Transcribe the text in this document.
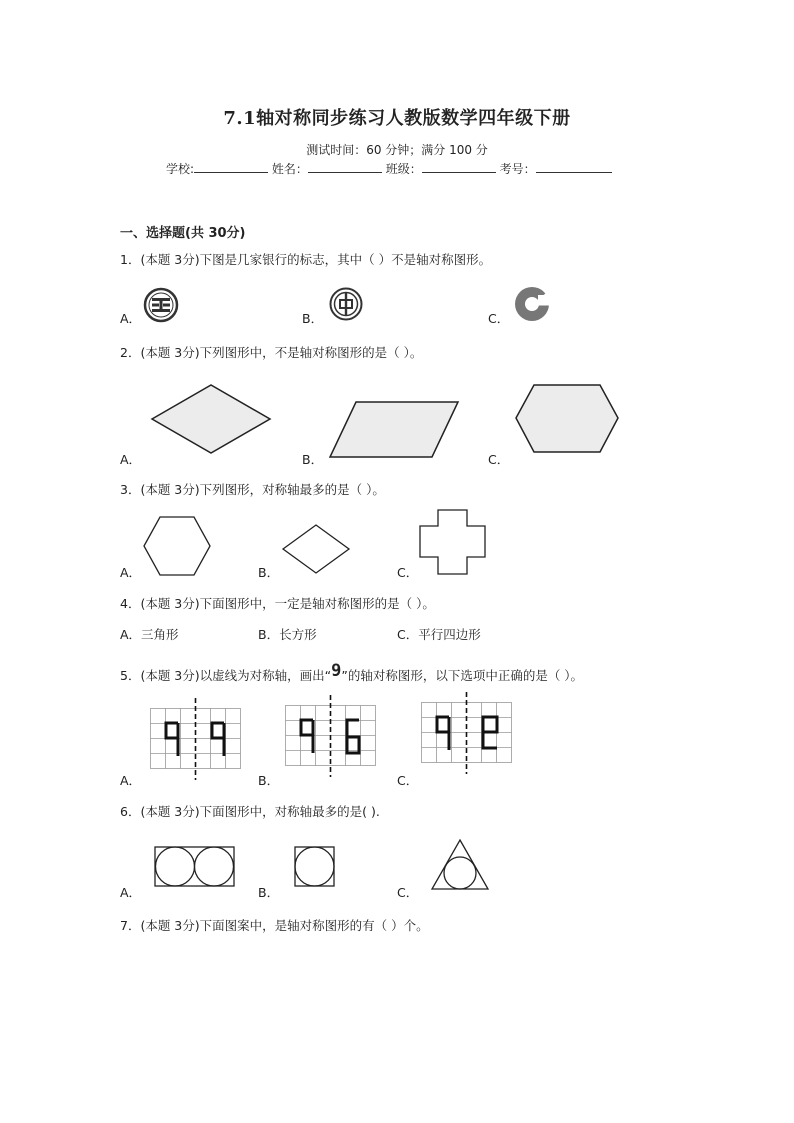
7.1轴对称同步练习人教版数学四年级下册
测试时间：60 分钟；满分 100 分
学校:	姓名：	班级：	考号：
一、选择题(共 30分)
1．(本题 3分)下图是几家银行的标志，其中（ ）不是轴对称图形。
A．	B．	C．
2．(本题 3分)下列图形中，不是轴对称图形的是（ ）。
A．	B．	C．
3．(本题 3分)下列图形，对称轴最多的是（ ）。
A．	B．	C．
4．(本题 3分)下面图形中，一定是轴对称图形的是（ ）。
A．三角形	B．长方形	C．平行四边形
5．(本题 3分)以虚线为对称轴，画出“9”的轴对称图形，以下选项中正确的是（ ）。
A．	B．	C．
6．(本题 3分)下面图形中，对称轴最多的是( ).
A．	B．	C．
7．(本题 3分)下面图案中，是轴对称图形的有（ ）个。
